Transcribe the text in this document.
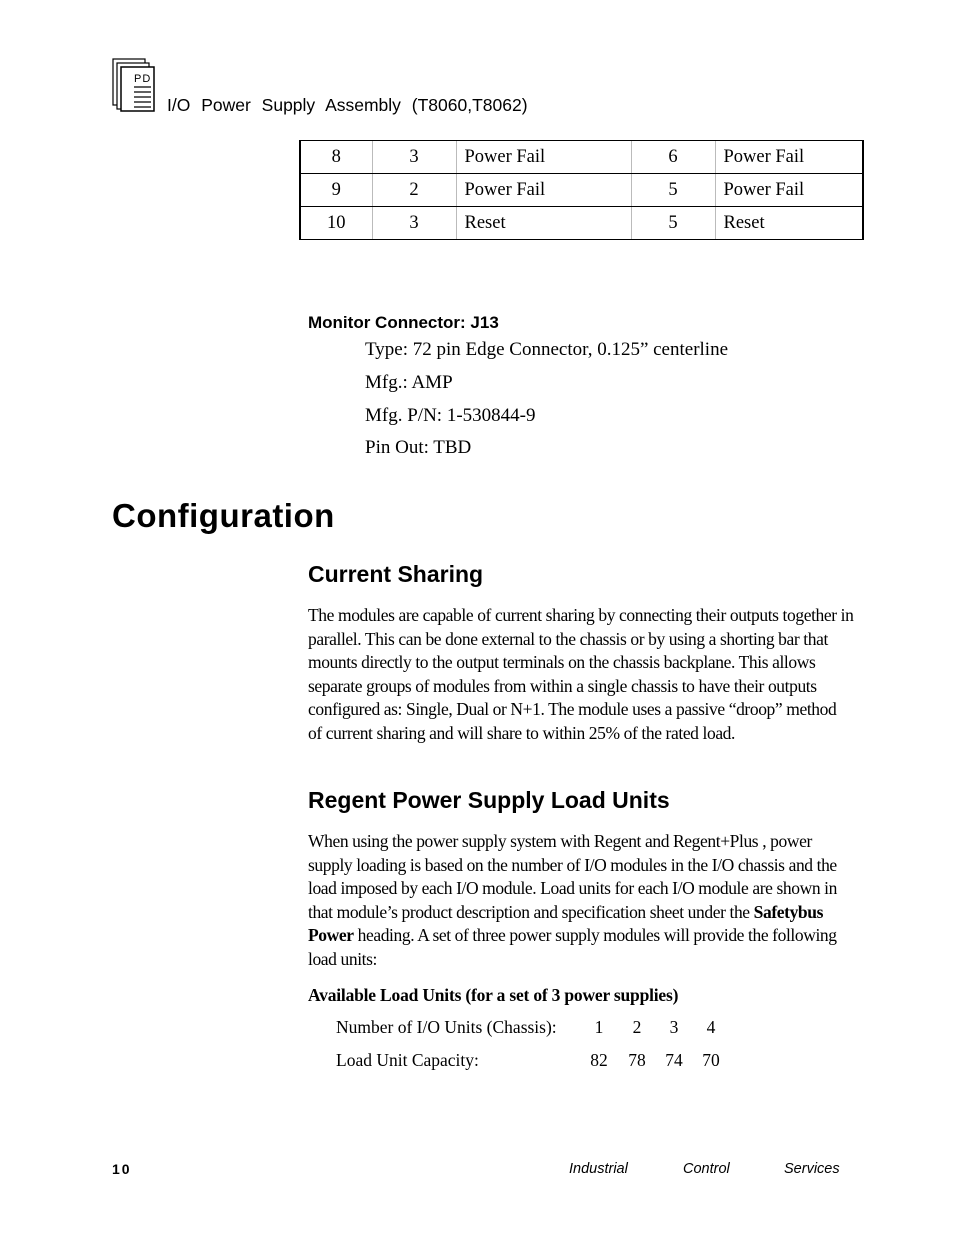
PD
I/O Power Supply Assembly (T8060,T8062)
8	3	Power Fail	6	Power Fail
9	2	Power Fail	5	Power Fail
10	3	Reset	5	Reset
Monitor Connector: J13
Type: 72 pin Edge Connector, 0.125” centerline
Mfg.: AMP
Mfg. P/N: 1-530844-9
Pin Out: TBD
Configuration
Current Sharing

The modules are capable of current sharing by connecting their outputs together in parallel. This can be done external to the chassis or by using a shorting bar that mounts directly to the output terminals on the chassis backplane. This allows separate groups of modules from within a single chassis to have their outputs configured as: Single, Dual or N+1. The module uses a passive “droop” method of current sharing and will share to within 25% of the rated load.

Regent Power Supply Load Units

When using the power supply system with Regent and Regent+Plus , power supply loading is based on the number of I/O modules in the I/O chassis and the load imposed by each I/O module. Load units for each I/O module are shown in that module’s product description and specification sheet under the Safetybus Power heading. A set of three power supply modules will provide the following load units:

Available Load Units (for a set of 3 power supplies)
Number of I/O Units (Chassis):	1	2	3	4
Load Unit Capacity:	82	78	74	70
10	Industrial	Control	Services
